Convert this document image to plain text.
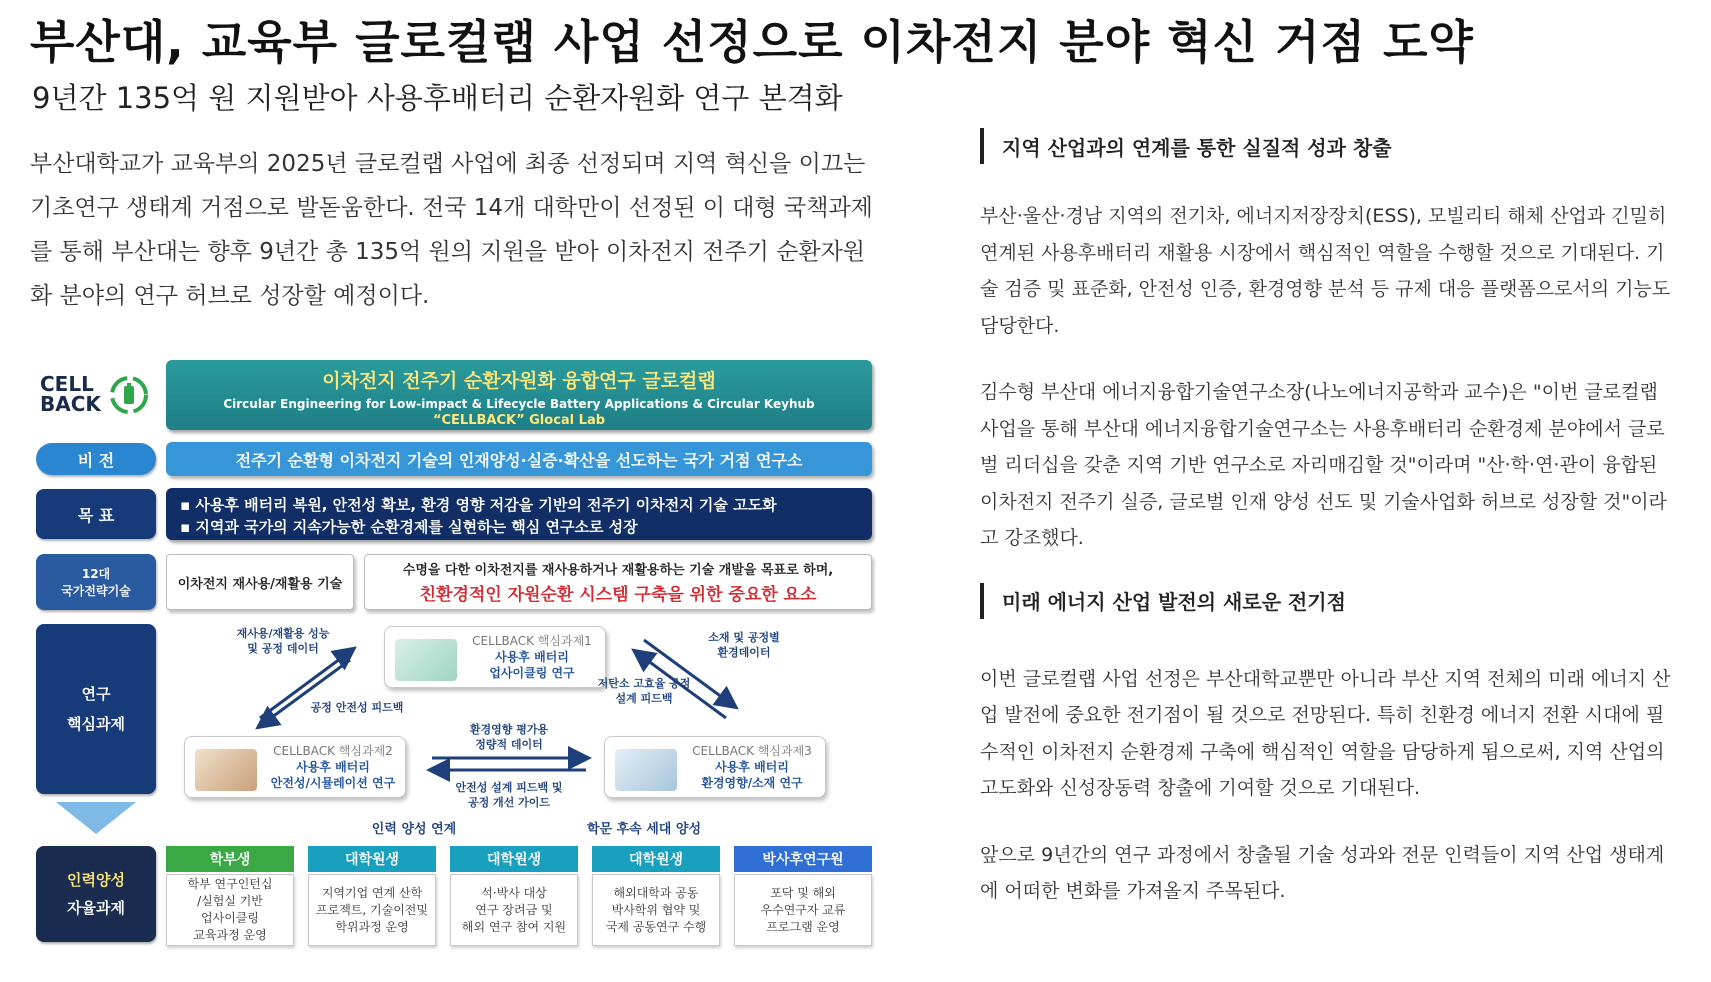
부산대, 교육부 글로컬랩 사업 선정으로 이차전지 분야 혁신 거점 도약
9년간 135억 원 지원받아 사용후배터리 순환자원화 연구 본격화

부산대학교가 교육부의 2025년 글로컬랩 사업에 최종 선정되며 지역 혁신을 이끄는

기초연구 생태계 거점으로 발돋움한다. 전국 14개 대학만이 선정된 이 대형 국책과제

를 통해 부산대는 향후 9년간 총 135억 원의 지원을 받아 이차전지 전주기 순환자원

화 분야의 연구 허브로 성장할 예정이다.

CELL
BACK
이차전지 전주기 순환자원화 융합연구 글로컬랩
Circular Engineering for Low-impact & Lifecycle Battery Applications & Circular Keyhub
“CELLBACK” Glocal Lab
비 전	전주기 순환형 이차전지 기술의 인재양성·실증·확산을 선도하는 국가 거점 연구소
목 표
▪ 사용후 배터리 복원, 안전성 확보, 환경 영향 저감을 기반의 전주기 이차전지 기술 고도화
▪ 지역과 국가의 지속가능한 순환경제를 실현하는 핵심 연구소로 성장
12대
국가전략기술	이차전지 재사용/재활용 기술
수명을 다한 이차전지를 재사용하거나 재활용하는 기술 개발을 목표로 하며,
친환경적인 자원순환 시스템 구축을 위한 중요한 요소
연구
핵심과제
CELLBACK 핵심과제1
사용후 배터리
업사이클링 연구
CELLBACK 핵심과제2
사용후 배터리
안전성/시뮬레이션 연구
CELLBACK 핵심과제3
사용후 배터리
환경영향/소재 연구
재사용/재활용 성능
및 공정 데이터
공정 안전성 피드백
소재 및 공정별
환경데이터
저탄소 고효율 공정
설계 피드백
환경영향 평가용
정량적 데이터
안전성 설계 피드백 및
공정 개선 가이드
인력 양성 연계	학문 후속 세대 양성
인력양성
자율과제
학부생
학부 연구인턴십
/실험실 기반
업사이클링
교육과정 운영
대학원생
지역기업 연계 산학
프로젝트, 기술이전및
학위과정 운영
대학원생
석·박사 대상
연구 장려금 및
해외 연구 참여 지원
대학원생
해외대학과 공동
박사학위 협약 및
국제 공동연구 수행
박사후연구원
포닥 및 해외
우수연구자 교류
프로그램 운영
지역 산업과의 연계를 통한 실질적 성과 창출

부산·울산·경남 지역의 전기차, 에너지저장장치(ESS), 모빌리티 해체 산업과 긴밀히

연계된 사용후배터리 재활용 시장에서 핵심적인 역할을 수행할 것으로 기대된다. 기

술 검증 및 표준화, 안전성 인증, 환경영향 분석 등 규제 대응 플랫폼으로서의 기능도

담당한다.

김수형 부산대 에너지융합기술연구소장(나노에너지공학과 교수)은 "이번 글로컬랩

사업을 통해 부산대 에너지융합기술연구소는 사용후배터리 순환경제 분야에서 글로

벌 리더십을 갖춘 지역 기반 연구소로 자리매김할 것"이라며 "산·학·연·관이 융합된

이차전지 전주기 실증, 글로벌 인재 양성 선도 및 기술사업화 허브로 성장할 것"이라

고 강조했다.

미래 에너지 산업 발전의 새로운 전기점

이번 글로컬랩 사업 선정은 부산대학교뿐만 아니라 부산 지역 전체의 미래 에너지 산

업 발전에 중요한 전기점이 될 것으로 전망된다. 특히 친환경 에너지 전환 시대에 필

수적인 이차전지 순환경제 구축에 핵심적인 역할을 담당하게 됨으로써, 지역 산업의

고도화와 신성장동력 창출에 기여할 것으로 기대된다.

앞으로 9년간의 연구 과정에서 창출될 기술 성과와 전문 인력들이 지역 산업 생태계

에 어떠한 변화를 가져올지 주목된다.
